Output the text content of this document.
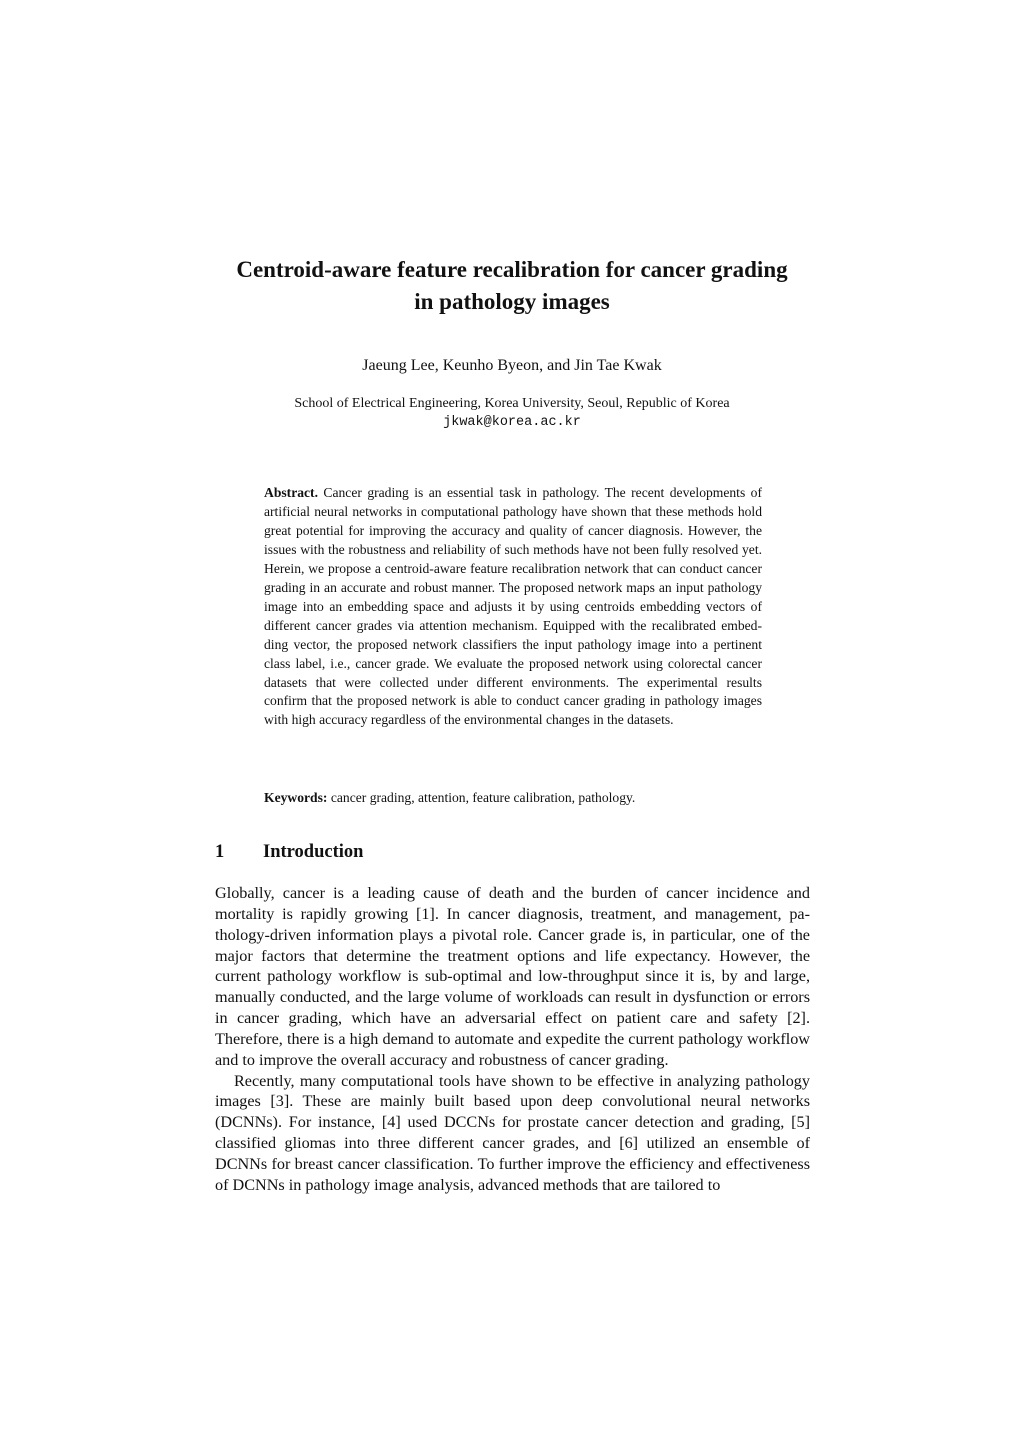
Centroid-aware feature recalibration for cancer grading
in pathology images
Jaeung Lee, Keunho Byeon, and Jin Tae Kwak
School of Electrical Engineering, Korea University, Seoul, Republic of Korea
jkwak@korea.ac.kr

Abstract. Cancer grading is an essential task in pathology. The recent developments of artificial neural networks in computational pathology have shown that these methods hold great potential for improving the accuracy and quality of cancer diagnosis. However, the issues with the robustness and reliability of such methods have not been fully resolved yet. Herein, we propose a centroid-aware feature recalibration network that can conduct cancer grading in an accurate and robust manner. The proposed network maps an input pathology image into an embedding space and adjusts it by using centroids embedding vectors of different cancer grades via attention mechanism. Equipped with the recalibrated embedding vector, the proposed network classifiers the input pathology image into a pertinent class label, i.e., cancer grade. We evaluate the proposed network using colorectal cancer datasets that were collected under different environments. The experimental results confirm that the proposed network is able to conduct cancer grading in pathology images with high accuracy regardless of the environmental changes in the datasets.

Keywords: cancer grading, attention, feature calibration, pathology.
1 Introduction

Globally, cancer is a leading cause of death and the burden of cancer incidence and mortality is rapidly growing [1]. In cancer diagnosis, treatment, and management, pathology-driven information plays a pivotal role. Cancer grade is, in particular, one of the major factors that determine the treatment options and life expectancy. However, the current pathology workflow is sub-optimal and low-throughput since it is, by and large, manually conducted, and the large volume of workloads can result in dysfunction or errors in cancer grading, which have an adversarial effect on patient care and safety [2]. Therefore, there is a high demand to automate and expedite the current pathology workflow and to improve the overall accuracy and robustness of cancer grading.

Recently, many computational tools have shown to be effective in analyzing pathology images [3]. These are mainly built based upon deep convolutional neural networks (DCNNs). For instance, [4] used DCCNs for prostate cancer detection and grading, [5] classified gliomas into three different cancer grades, and [6] utilized an ensemble of DCNNs for breast cancer classification. To further improve the efficiency and effectiveness of DCNNs in pathology image analysis, advanced methods that are tailored to
